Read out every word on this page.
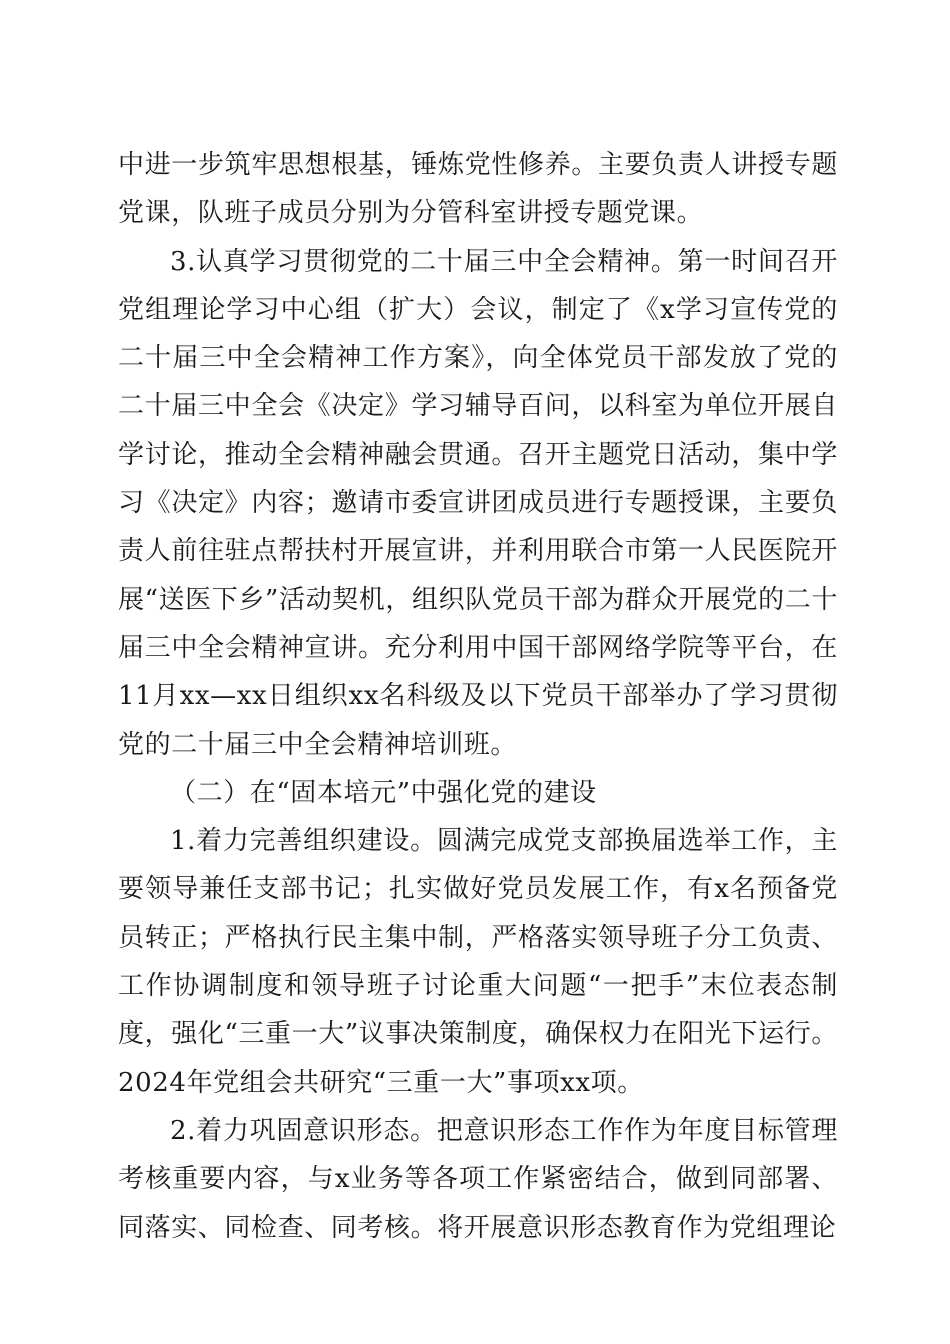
中进一步筑牢思想根基，锤炼党性修养。主要负责人讲授专题党课，队班子成员分别为分管科室讲授专题党课。

3.认真学习贯彻党的二十届三中全会精神。第一时间召开党组理论学习中心组（扩大）会议，制定了《x学习宣传党的二十届三中全会精神工作方案》，向全体党员干部发放了党的二十届三中全会《决定》学习辅导百问，以科室为单位开展自学讨论，推动全会精神融会贯通。召开主题党日活动，集中学习《决定》内容；邀请市委宣讲团成员进行专题授课，主要负责人前往驻点帮扶村开展宣讲，并利用联合市第一人民医院开展“送医下乡”活动契机，组织队党员干部为群众开展党的二十届三中全会精神宣讲。充分利用中国干部网络学院等平台，在11月xx—xx日组织xx名科级及以下党员干部举办了学习贯彻党的二十届三中全会精神培训班。

（二）在“固本培元”中强化党的建设

1.着力完善组织建设。圆满完成党支部换届选举工作，主要领导兼任支部书记；扎实做好党员发展工作，有x名预备党员转正；严格执行民主集中制，严格落实领导班子分工负责、工作协调制度和领导班子讨论重大问题“一把手”末位表态制度，强化“三重一大”议事决策制度，确保权力在阳光下运行。2024年党组会共研究“三重一大”事项xx项。

2.着力巩固意识形态。把意识形态工作作为年度目标管理考核重要内容，与x业务等各项工作紧密结合，做到同部署、同落实、同检查、同考核。将开展意识形态教育作为党组理论
